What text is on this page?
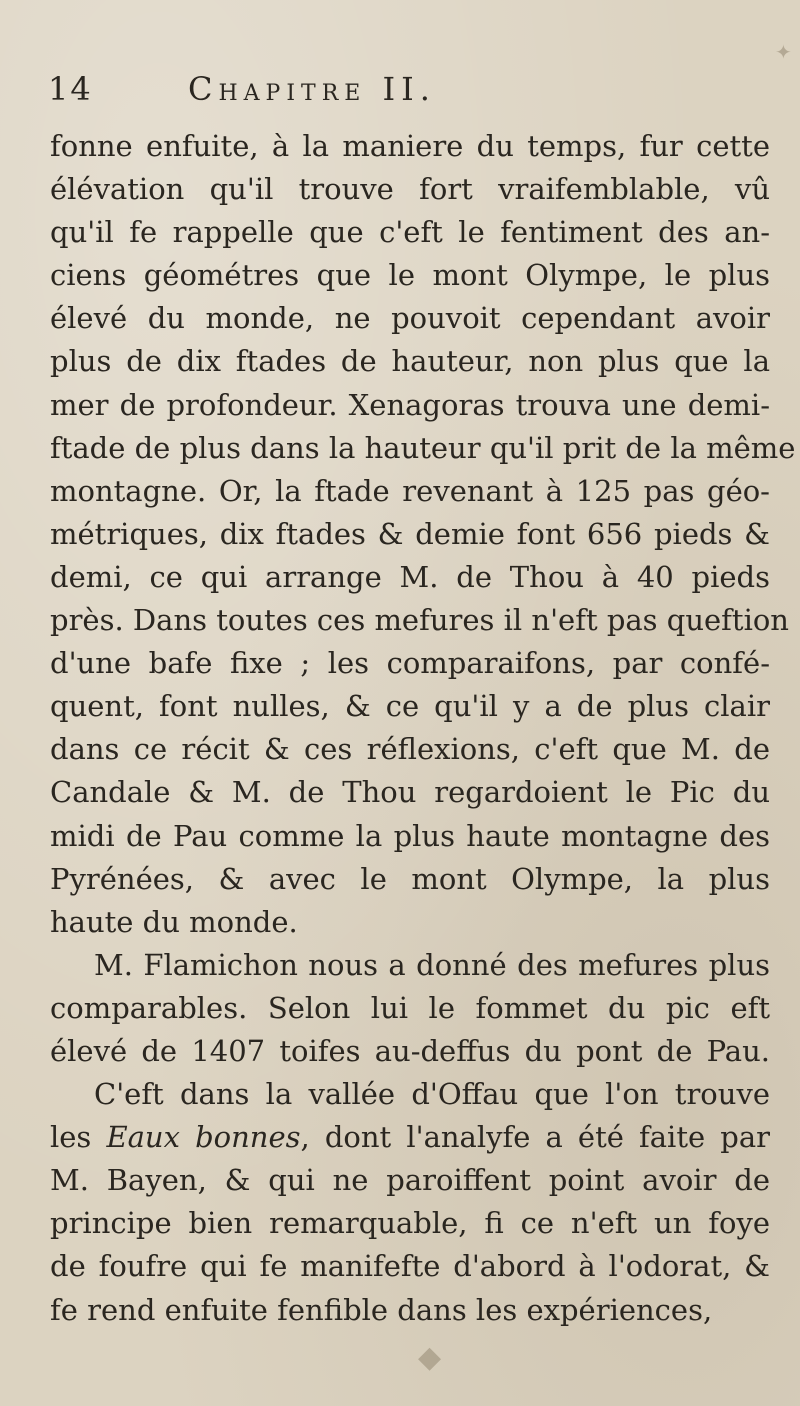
14	Chapitre II.
fonne enfuite, à la maniere du temps, fur cette
élévation qu'il trouve fort vraifemblable, vû
qu'il fe rappelle que c'eft le fentiment des an-
ciens géométres que le mont Olympe, le plus
élevé du monde, ne pouvoit cependant avoir
plus de dix ftades de hauteur, non plus que la
mer de profondeur. Xenagoras trouva une demi-
ftade de plus dans la hauteur qu'il prit de la même
montagne. Or, la ftade revenant à 125 pas géo-
métriques, dix ftades & demie font 656 pieds &
demi, ce qui arrange M. de Thou à 40 pieds
près. Dans toutes ces mefures il n'eft pas queftion
d'une bafe fixe ; les comparaifons, par confé-
quent, font nulles, & ce qu'il y a de plus clair
dans ce récit & ces réflexions, c'eft que M. de
Candale & M. de Thou regardoient le Pic du
midi de Pau comme la plus haute montagne des
Pyrénées, & avec le mont Olympe, la plus
haute du monde.
M. Flamichon nous a donné des mefures plus
comparables. Selon lui le fommet du pic eft
élevé de 1407 toifes au-deffus du pont de Pau.
C'eft dans la vallée d'Offau que l'on trouve
les Eaux bonnes, dont l'analyfe a été faite par
M. Bayen, & qui ne paroiffent point avoir de
principe bien remarquable, fi ce n'eft un foye
de foufre qui fe manifefte d'abord à l'odorat, &
fe rend enfuite fenfible dans les expériences,
◆
✦
